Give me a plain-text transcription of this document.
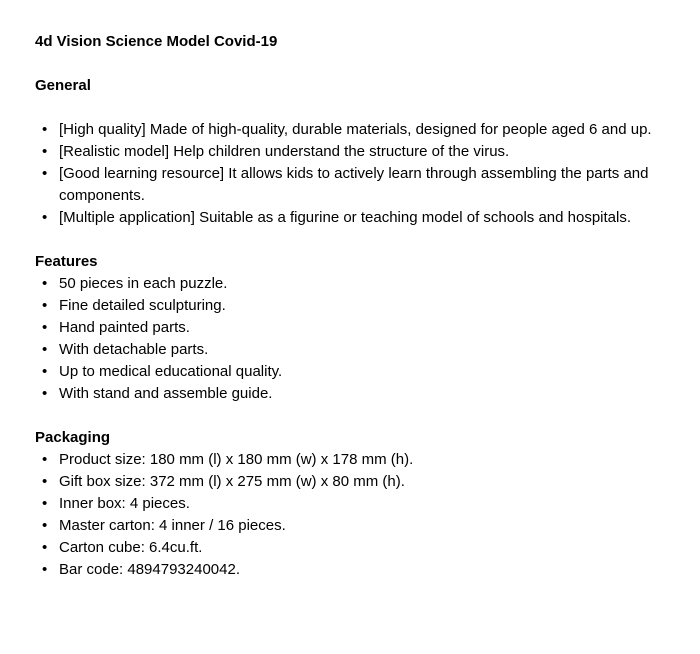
4d Vision Science Model Covid-19
General
• [High quality] Made of high-quality, durable materials, designed for people aged 6 and up.
• [Realistic model] Help children understand the structure of the virus.
• [Good learning resource] It allows kids to actively learn through assembling the parts and components.
• [Multiple application] Suitable as a figurine or teaching model of schools and hospitals.
Features
• 50 pieces in each puzzle.
• Fine detailed sculpturing.
• Hand painted parts.
• With detachable parts.
• Up to medical educational quality.
• With stand and assemble guide.
Packaging
• Product size: 180 mm (l) x 180 mm (w) x 178 mm (h).
• Gift box size: 372 mm (l) x 275 mm (w) x 80 mm (h).
• Inner box: 4 pieces.
• Master carton: 4 inner / 16 pieces.
• Carton cube: 6.4cu.ft.
• Bar code: 4894793240042.
